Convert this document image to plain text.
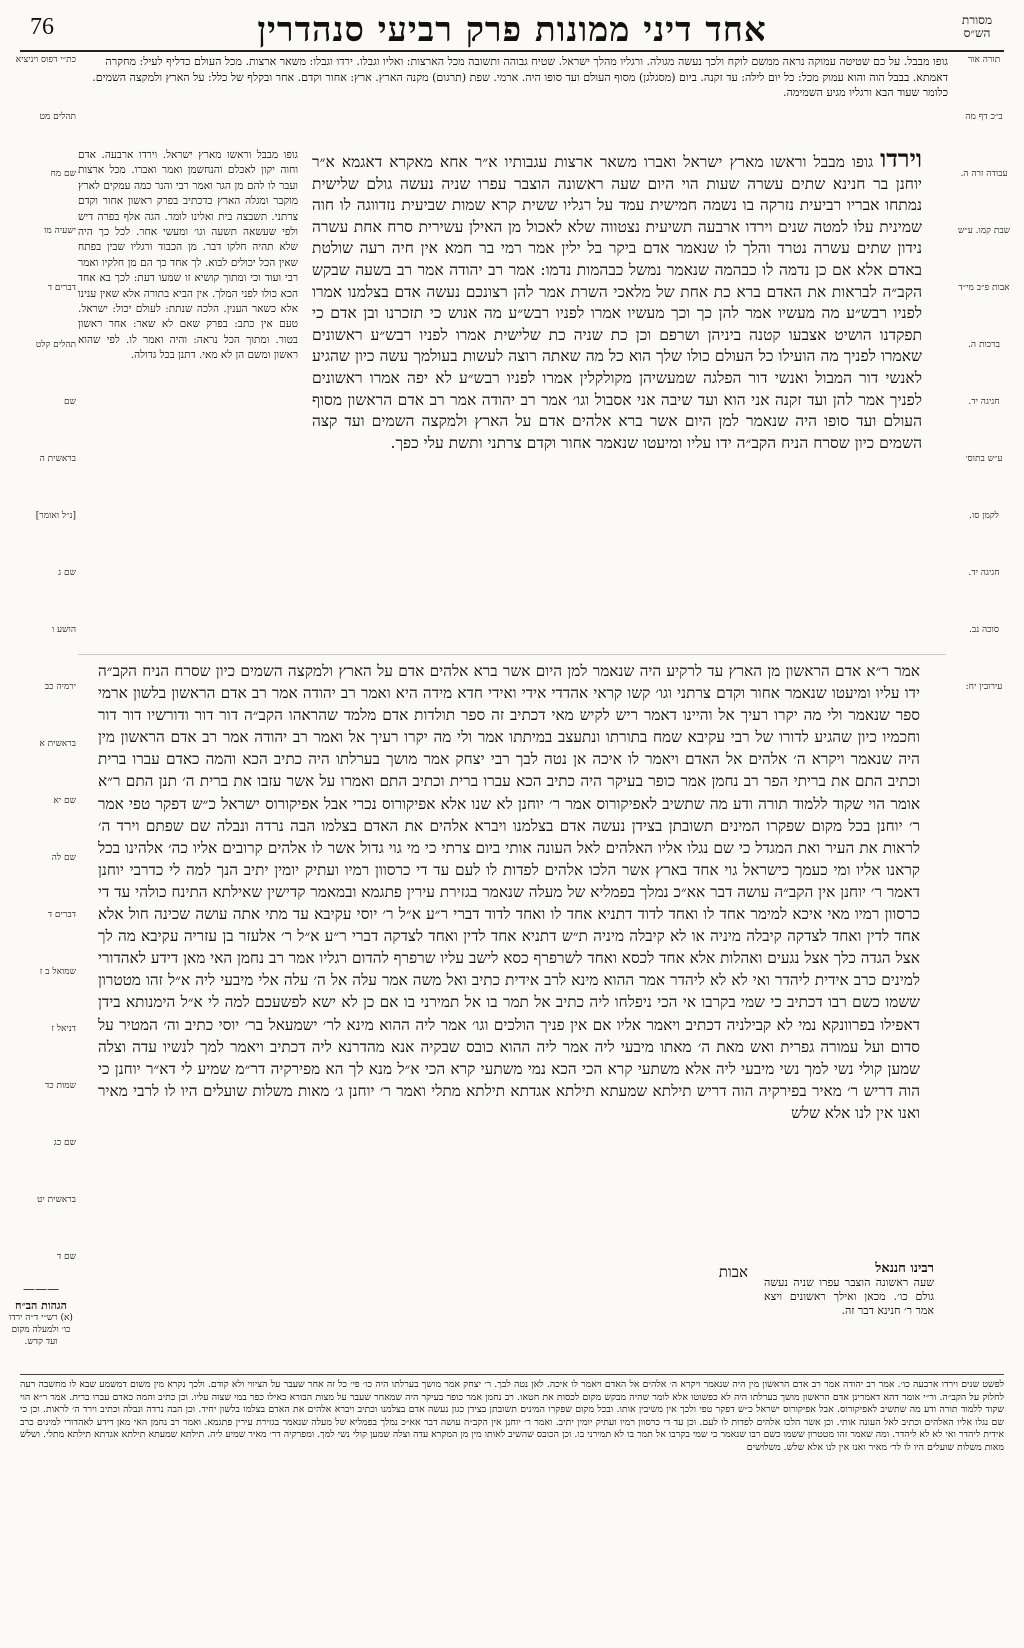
76	אחד דיני ממונות פרק רביעי סנהדרין	מסורת הש״ס
כת״י דפוס ויניציא
תהלים מט
שם מח
ישעיה מו
דברים ד
תהלים קלט
שם
בראשית ה
[נ״ל ואומר]
שם ג
הושע ו
ירמיה כב
בראשית א
שם יא
שם לה
דברים ד
שמואל ב ז
דניאל ז
שמות כד
שם כג
בראשית יט
שם ד
תורה אור
ב״כ דף מה
עבודה זרה ה.
שבת קמו. ע״ש
אבות פ״ב מי״ד
ברכות ה.
חגיגה יד.
ע״ש בתוס׳
לקמן סו.
חגיגה יד.
סוכה נב.
עירובין יח:
גופו מבבל. על כם שטיטה עמוקה נראה ממשם לוקח ולכך נעשה מגולה. ורגליו מהלך ישראל. שטיח גבוהה ותשובה מכל הארצות: ואליו וגבלו. ירדו וגבלו: משאר ארצות. מכל העולם כדליף לעיל: מחקרה דאמתא. בבבל הוה והוא עמוק מכל: כל יום לילה: עד זקנה. ביום (מסגלגן) מסוף העולם ועד סופו היה. ארמי. שפת (תרגום) מקנה הארץ. ארץ: אחור וקדם. אחר ובקלף של כלל: על הארץ ולמקצה השמים. כלומר שעוד הבא ורגליו מגיע השמימה.
גופו מבבל וראשו מארץ ישראל. וירדו ארבעה. אדם וחוה יקון לאכלם והנחשמן ואמר ואברו. מכל ארצות ועבר לו להם מן הגר ואמר רבי והנר כמה עמקים לארץ מוקבר ומגלה הארץ כדכתיב בפרק ראשון אחור וקדם צרתני. תשבצה בית ואלינו לומר. הגה אלף בפרה דיש ולפי שעשאה תשעה וגו׳ ומעשי אחר. לכל כך היה שלא תהיה חלקו דבר. מן הכבוד ורגליו שבין בפתח שאין הכל יכולים לבוא. לך אחד כך הם מן חלקיו ואמר רבי ועוד וכי ומתוך קושיא זו שמעו דעת: לכך בא אחד הכא כולו לפני המלך. אין הביא בתורה אלא שאין ענינו אלא כשאר הענין. הלכה שנתת: לעולם יכול: ישראל. טעם אין כתב: בפרק שאם לא שאר: אחר ראשון בטור. ומתוך הכל נראה: והיה ואמר לו. לפי שהוא ראשון ומשם הן לא מאי. דתנן בכל גדולה.
וירדו גופו מבבל וראשו מארץ ישראל ואברו משאר ארצות עגבותיו א״ר אחא מאקרא דאגמא א״ר יוחנן בר חנינא שתים עשרה שעות הוי היום שעה ראשונה הוצבר עפרו שניה נעשה גולם שלישית נמתחו אבריו רביעית נזרקה בו נשמה חמישית עמד על רגליו ששית קרא שמות שביעית נזדווגה לו חוה שמינית עלו למטה שנים וירדו ארבעה תשיעית נצטווה שלא לאכול מן האילן עשירית סרח אחת עשרה נידון שתים עשרה נטרד והלך לו שנאמר אדם ביקר בל ילין אמר רמי בר חמא אין חיה רעה שולטת באדם אלא אם כן נדמה לו כבהמה שנאמר נמשל כבהמות נדמו: אמר רב יהודה אמר רב בשעה שבקש הקב״ה לבראות את האדם ברא כת אחת של מלאכי השרת אמר להן רצונכם נעשה אדם בצלמנו אמרו לפניו רבש״ע מה מעשיו אמר להן כך וכך מעשיו אמרו לפניו רבש״ע מה אנוש כי תזכרנו ובן אדם כי תפקדנו הושיט אצבעו קטנה ביניהן ושרפם וכן כת שניה כת שלישית אמרו לפניו רבש״ע ראשונים שאמרו לפניך מה הועילו כל העולם כולו שלך הוא כל מה שאתה רוצה לעשות בעולמך עשה כיון שהגיע לאנשי דור המבול ואנשי דור הפלגה שמעשיהן מקולקלין אמרו לפניו רבש״ע לא יפה אמרו ראשונים לפניך אמר להן ועד זקנה אני הוא ועד שיבה אני אסבול וגו׳ אמר רב יהודה אמר רב אדם הראשון מסוף העולם ועד סופו היה שנאמר למן היום אשר ברא אלהים אדם על הארץ ולמקצה השמים ועד קצה השמים כיון שסרח הניח הקב״ה ידו עליו ומיעטו שנאמר אחור וקדם צרתני ותשת עלי כפך.
אמר ר״א אדם הראשון מן הארץ עד לרקיע היה שנאמר למן היום אשר ברא אלהים אדם על הארץ ולמקצה השמים כיון שסרח הניח הקב״ה ידו עליו ומיעטו שנאמר אחור וקדם צרתני וגו׳ קשו קראי אהדדי אידי ואידי חדא מידה היא ואמר רב יהודה אמר רב אדם הראשון בלשון ארמי ספר שנאמר ולי מה יקרו רעיך אל והיינו דאמר ריש לקיש מאי דכתיב זה ספר תולדות אדם מלמד שהראהו הקב״ה דור דור ודורשיו דור דור וחכמיו כיון שהגיע לדורו של רבי עקיבא שמח בתורתו ונתעצב במיתתו אמר ולי מה יקרו רעיך אל ואמר רב יהודה אמר רב אדם הראשון מין היה שנאמר ויקרא ה׳ אלהים אל האדם ויאמר לו איכה אן נטה לבך רבי יצחק אמר מושך בערלתו היה כתיב הכא והמה כאדם עברו ברית וכתיב התם את בריתי הפר רב נחמן אמר כופר בעיקר היה כתיב הכא עברו ברית וכתיב התם ואמרו על אשר עזבו את ברית ה׳ תנן התם ר״א אומר הוי שקוד ללמוד תורה ודע מה שתשיב לאפיקורוס אמר ר׳ יוחנן לא שנו אלא אפיקורוס נכרי אבל אפיקורוס ישראל כ״ש דפקר טפי אמר ר׳ יוחנן בכל מקום שפקרו המינים תשובתן בצידן נעשה אדם בצלמנו ויברא אלהים את האדם בצלמו הבה נרדה ונבלה שם שפתם וירד ה׳ לראות את העיר ואת המגדל כי שם נגלו אליו האלהים לאל העונה אותי ביום צרתי כי מי גוי גדול אשר לו אלהים קרובים אליו כה׳ אלהינו בכל קראנו אליו ומי כעמך כישראל גוי אחד בארץ אשר הלכו אלהים לפדות לו לעם עד די כרסוון רמיו ועתיק יומין יתיב הנך למה לי כדרבי יוחנן דאמר ר׳ יוחנן אין הקב״ה עושה דבר אא״כ נמלך בפמליא של מעלה שנאמר בגזירת עירין פתגמא ובמאמר קדישין שאילתא התינח כולהי עד די כרסוון רמיו מאי איכא למימר אחד לו ואחד לדוד דתניא אחד לו ואחד לדוד דברי ר״ע א״ל ר׳ יוסי עקיבא עד מתי אתה עושה שכינה חול אלא אחד לדין ואחד לצדקה קיבלה מיניה או לא קיבלה מיניה ת״ש דתניא אחד לדין ואחד לצדקה דברי ר״ע א״ל ר׳ אלעזר בן עזריה עקיבא מה לך אצל הגדה כלך אצל נגעים ואהלות אלא אחד לכסא ואחד לשרפרף כסא לישב עליו שרפרף להדום רגליו אמר רב נחמן האי מאן דידע לאהדורי למינים כרב אידית ליהדר ואי לא לא ליהדר אמר ההוא מינא לרב אידית כתיב ואל משה אמר עלה אל ה׳ עלה אלי מיבעי ליה א״ל זהו מטטרון ששמו כשם רבו דכתיב כי שמי בקרבו אי הכי ניפלחו ליה כתיב אל תמר בו אל תמירני בו אם כן לא ישא לפשעכם למה לי א״ל הימנותא בידן דאפילו בפרוונקא נמי לא קבילניה דכתיב ויאמר אליו אם אין פניך הולכים וגו׳ אמר ליה ההוא מינא לר׳ ישמעאל בר׳ יוסי כתיב וה׳ המטיר על סדום ועל עמורה גפרית ואש מאת ה׳ מאתו מיבעי ליה אמר ליה ההוא כובס שבקיה אנא מהדרנא ליה דכתיב ויאמר למך לנשיו עדה וצלה שמען קולי נשי למך נשי מיבעי ליה אלא משתעי קרא הכי הכא נמי משתעי קרא הכי א״ל מנא לך הא מפירקיה דר״מ שמיע לי דא״ר יוחנן כי הוה דריש ר׳ מאיר בפירקיה הוה דריש תילתא שמעתא תילתא אגדתא תילתא מתלי ואמר ר׳ יוחנן ג׳ מאות משלות שועלים היו לו לרבי מאיר ואנו אין לנו אלא שלש
———
הגהות הב״ח
(א) רש״י ד״ה ירדו כו׳ ולמעלה מקום ועד קדש.
אבות	רבינו חננאל
שעה ראשונה הוצבר עפרו שניה נעשה גולם כו׳. מכאן ואילך ראשונים ויצא אמר ר׳ חנינא דבר זה.
לפשט שנים וירדו ארבעה כו׳. אמר רב יהודה אמר רב אדם הראשון מין היה שנאמר ויקרא ה׳ אלהים אל האדם ויאמר לו איכה. לאן נטה לבך. ר׳ יצחק אמר מושך בערלתו היה כו׳ פי׳ כל זה אחר שעבר על הציווי ולא קודם. ולכך נקרא מין משום דמשמע שבא לו מחשבה רעה לחלוק על הקב״ה. ור״י אומר דהא דאמרינן אדם הראשון מושך בערלתו היה לא כפשוטו אלא לומר שהיה מבקש מקום לכסות את חטאו. רב נחמן אמר כופר בעיקר היה שמאחר שעבר על מצות הבורא כאילו כפר במי שצוה עליו. וכן כתיב והמה כאדם עברו ברית. אמר ר״א הוי שקוד ללמוד תורה ודע מה שתשיב לאפיקורוס. אבל אפיקורוס ישראל כ״ש דפקר טפי ולכך אין משיבין אותו. ובכל מקום שפקרו המינים תשובתן בצידן כגון נעשה אדם בצלמנו וכתיב ויברא אלהים את האדם בצלמו בלשון יחיד. וכן הבה נרדה ונבלה וכתיב וירד ה׳ לראות. וכן כי שם נגלו אליו האלהים וכתיב לאל העונה אותי. וכן אשר הלכו אלהים לפדות לו לעם. וכן עד די כרסוון רמיו ועתיק יומין יתיב. ואמר ר׳ יוחנן אין הקב״ה עושה דבר אא״כ נמלך בפמליא של מעלה שנאמר בגזירת עירין פתגמא. ואמר רב נחמן האי מאן דידע לאהדורי למינים כרב אידית ליהדר ואי לא לא ליהדר. ומה שאמר זהו מטטרון ששמו כשם רבו שנאמר כי שמי בקרבו אל תמר בו לא תמירני בו. וכן הכובס שהשיב לאותו מין מן המקרא עדה וצלה שמען קולי נשי למך. ומפרקיה דר׳ מאיר שמיע ליה. תילתא שמעתא תילתא אגדתא תילתא מתלי. ושלש מאות משלות שועלים היו לו לר׳ מאיר ואנו אין לנו אלא שלש. משלושים
